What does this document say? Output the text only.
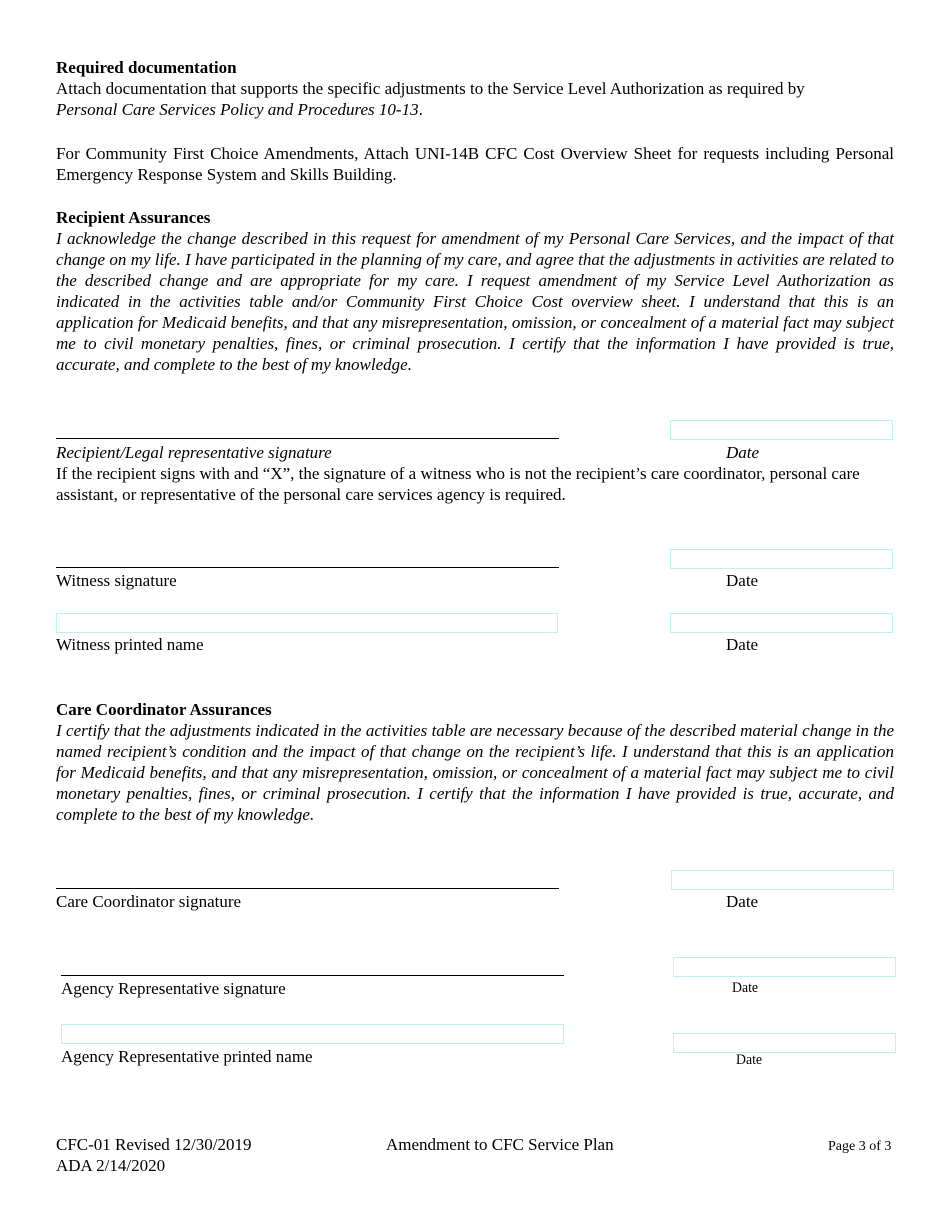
Required documentation
Attach documentation that supports the specific adjustments to the Service Level Authorization as required by
Personal Care Services Policy and Procedures 10-13.
For Community First Choice Amendments, Attach UNI-14B CFC Cost Overview Sheet for requests including Personal Emergency Response System and Skills Building.
Recipient Assurances
I acknowledge the change described in this request for amendment of my Personal Care Services, and the impact of that change on my life. I have participated in the planning of my care, and agree that the adjustments in activities are related to the described change and are appropriate for my care. I request amendment of my Service Level Authorization as indicated in the activities table and/or Community First Choice Cost overview sheet. I understand that this is an application for Medicaid benefits, and that any misrepresentation, omission, or concealment of a material fact may subject me to civil monetary penalties, fines, or criminal prosecution. I certify that the information I have provided is true, accurate, and complete to the best of my knowledge.
Recipient/Legal representative signature	Date
If the recipient signs with and “X”, the signature of a witness who is not the recipient’s care coordinator, personal care assistant, or representative of the personal care services agency is required.
Witness signature	Date
Witness printed name	Date
Care Coordinator Assurances
I certify that the adjustments indicated in the activities table are necessary because of the described material change in the named recipient’s condition and the impact of that change on the recipient’s life. I understand that this is an application for Medicaid benefits, and that any misrepresentation, omission, or concealment of a material fact may subject me to civil monetary penalties, fines, or criminal prosecution. I certify that the information I have provided is true, accurate, and complete to the best of my knowledge.
Care Coordinator signature	Date
Agency Representative signature	Date
Agency Representative printed name	Date
CFC-01 Revised 12/30/2019
ADA 2/14/2020
Amendment to CFC Service Plan	Page 3 of 3
